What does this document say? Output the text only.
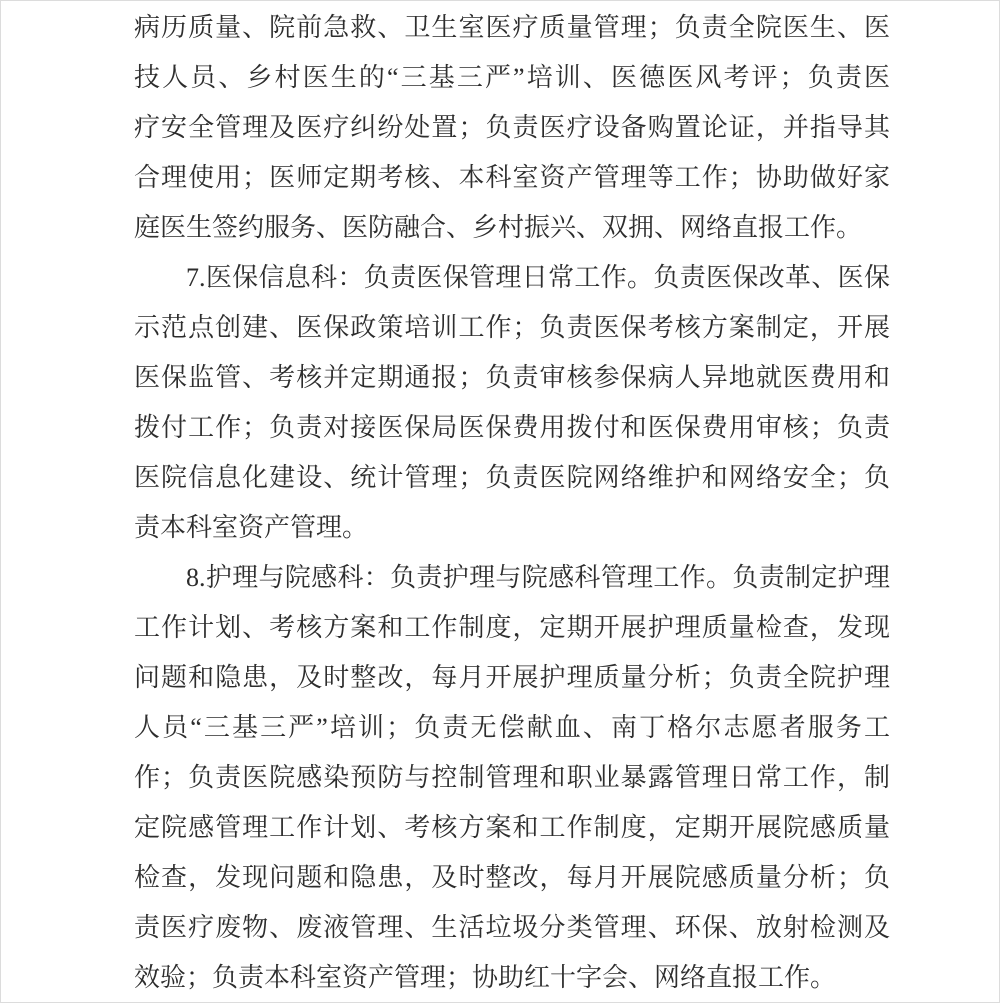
病历质量、院前急救、卫生室医疗质量管理；负责全院医生、医
技人员、乡村医生的“三基三严”培训、医德医风考评；负责医
疗安全管理及医疗纠纷处置；负责医疗设备购置论证，并指导其
合理使用；医师定期考核、本科室资产管理等工作；协助做好家
庭医生签约服务、医防融合、乡村振兴、双拥、网络直报工作。

7.医保信息科：负责医保管理日常工作。负责医保改革、医保
示范点创建、医保政策培训工作；负责医保考核方案制定，开展
医保监管、考核并定期通报；负责审核参保病人异地就医费用和
拨付工作；负责对接医保局医保费用拨付和医保费用审核；负责
医院信息化建设、统计管理；负责医院网络维护和网络安全；负
责本科室资产管理。

8.护理与院感科：负责护理与院感科管理工作。负责制定护理
工作计划、考核方案和工作制度，定期开展护理质量检查，发现
问题和隐患，及时整改，每月开展护理质量分析；负责全院护理
人员“三基三严”培训；负责无偿献血、南丁格尔志愿者服务工
作；负责医院感染预防与控制管理和职业暴露管理日常工作，制
定院感管理工作计划、考核方案和工作制度，定期开展院感质量
检查，发现问题和隐患，及时整改，每月开展院感质量分析；负
责医疗废物、废液管理、生活垃圾分类管理、环保、放射检测及
效验；负责本科室资产管理；协助红十字会、网络直报工作。
